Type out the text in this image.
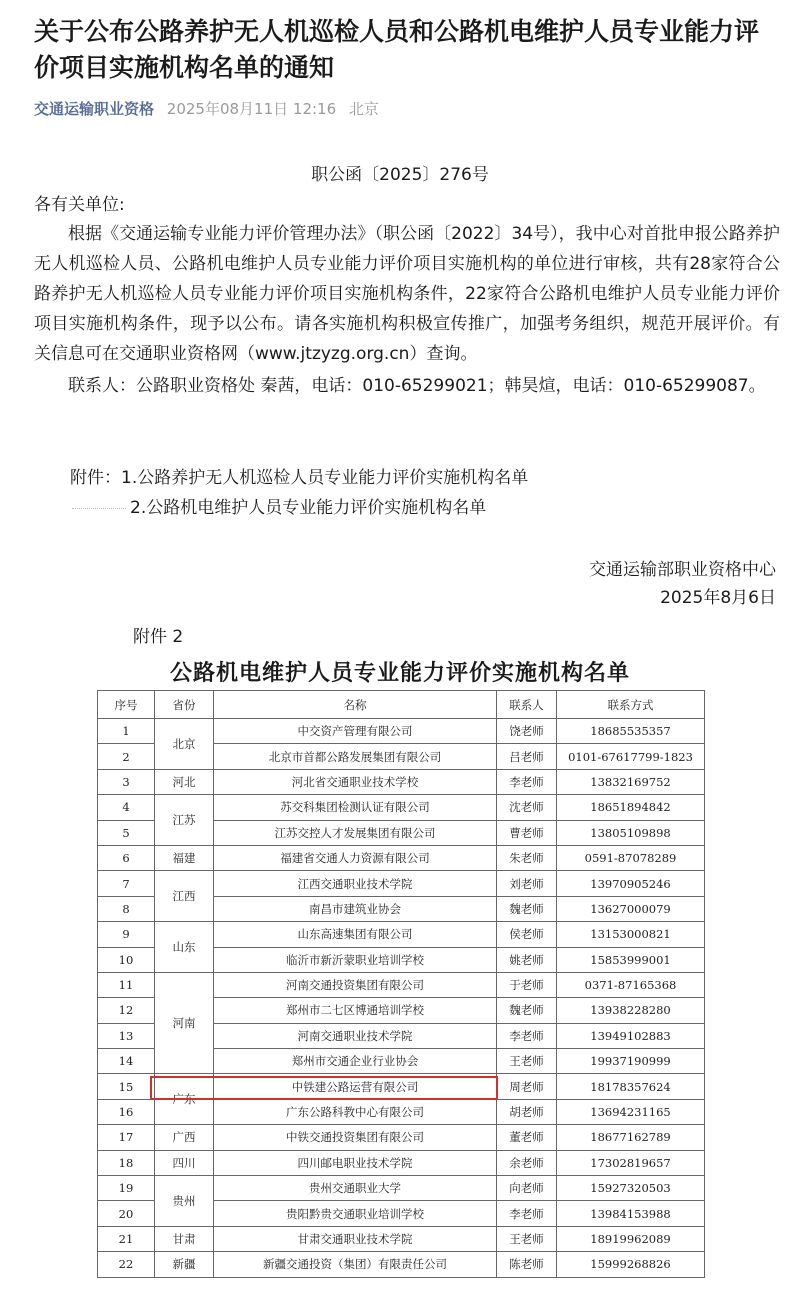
关于公布公路养护无人机巡检人员和公路机电维护人员专业能力评价项目实施机构名单的通知
交通运输职业资格 2025年08月11日 12:16 北京
职公函〔2025〕276号
各有关单位:

根据《交通运输专业能力评价管理办法》（职公函〔2022〕34号），我中心对首批申报公路养护无人机巡检人员、公路机电维护人员专业能力评价项目实施机构的单位进行审核，共有28家符合公路养护无人机巡检人员专业能力评价项目实施机构条件，22家符合公路机电维护人员专业能力评价项目实施机构条件，现予以公布。请各实施机构积极宣传推广，加强考务组织，规范开展评价。有关信息可在交通职业资格网（www.jtzyzg.org.cn）查询。

联系人：公路职业资格处 秦茜，电话：010-65299021；韩昊煊，电话：010-65299087。

附件：1.公路养护无人机巡检人员专业能力评价实施机构名单
2.公路机电维护人员专业能力评价实施机构名单
交通运输部职业资格中心
2025年8月6日
附件 2
公路机电维护人员专业能力评价实施机构名单
序号	省份	名称	联系人	联系方式
1	北京	中交资产管理有限公司	饶老师	18685535357
2		北京市首都公路发展集团有限公司	吕老师	0101-67617799-1823
3	河北	河北省交通职业技术学校	李老师	13832169752
4	江苏	苏交科集团检测认证有限公司	沈老师	18651894842
5		江苏交控人才发展集团有限公司	曹老师	13805109898
6	福建	福建省交通人力资源有限公司	朱老师	0591-87078289
7	江西	江西交通职业技术学院	刘老师	13970905246
8		南昌市建筑业协会	魏老师	13627000079
9	山东	山东高速集团有限公司	侯老师	13153000821
10		临沂市新沂蒙职业培训学校	姚老师	15853999001
11	河南	河南交通投资集团有限公司	于老师	0371-87165368
12		郑州市二七区博通培训学校	魏老师	13938228280
13		河南交通职业技术学院	李老师	13949102883
14		郑州市交通企业行业协会	王老师	19937190999
15	广东	中铁建公路运营有限公司	周老师	18178357624
16		广东公路科教中心有限公司	胡老师	13694231165
17	广西	中铁交通投资集团有限公司	董老师	18677162789
18	四川	四川邮电职业技术学院	余老师	17302819657
19	贵州	贵州交通职业大学	向老师	15927320503
20		贵阳黔贵交通职业培训学校	李老师	13984153988
21	甘肃	甘肃交通职业技术学院	王老师	18919962089
22	新疆	新疆交通投资（集团）有限责任公司	陈老师	15999268826
